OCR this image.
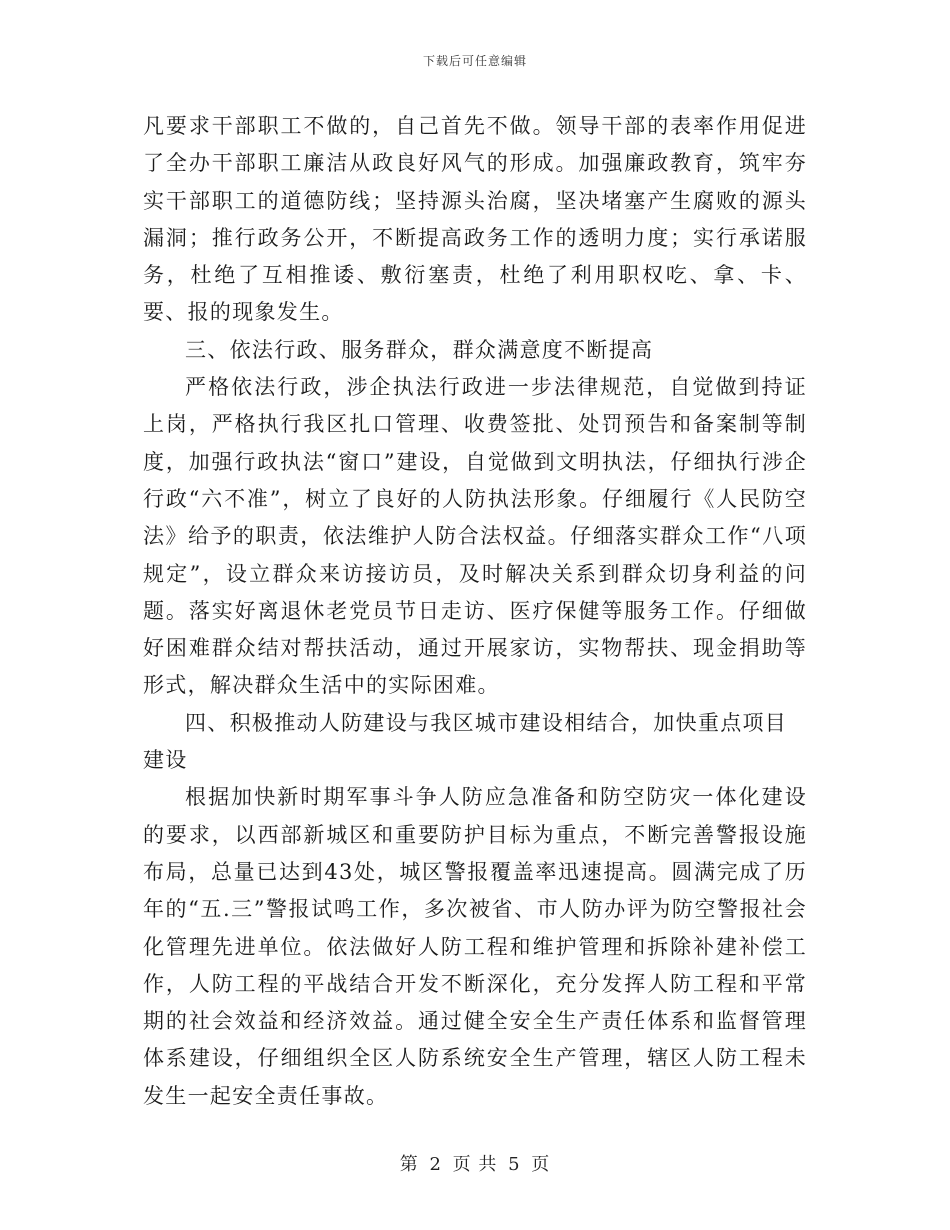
下载后可任意编辑

凡要求干部职工不做的，自己首先不做。领导干部的表率作用促进了全办干部职工廉洁从政良好风气的形成。加强廉政教育，筑牢夯实干部职工的道德防线；坚持源头治腐，坚决堵塞产生腐败的源头漏洞；推行政务公开，不断提高政务工作的透明力度；实行承诺服务，杜绝了互相推诿、敷衍塞责，杜绝了利用职权吃、拿、卡、要、报的现象发生。

三、依法行政、服务群众，群众满意度不断提高

严格依法行政，涉企执法行政进一步法律规范，自觉做到持证上岗，严格执行我区扎口管理、收费签批、处罚预告和备案制等制度，加强行政执法“窗口”建设，自觉做到文明执法，仔细执行涉企行政“六不准”，树立了良好的人防执法形象。仔细履行《人民防空法》给予的职责，依法维护人防合法权益。仔细落实群众工作“八项规定”，设立群众来访接访员，及时解决关系到群众切身利益的问题。落实好离退休老党员节日走访、医疗保健等服务工作。仔细做好困难群众结对帮扶活动，通过开展家访，实物帮扶、现金捐助等形式，解决群众生活中的实际困难。

四、积极推动人防建设与我区城市建设相结合，加快重点项目建设

根据加快新时期军事斗争人防应急准备和防空防灾一体化建设的要求，以西部新城区和重要防护目标为重点，不断完善警报设施布局，总量已达到43处，城区警报覆盖率迅速提高。圆满完成了历年的“五.三”警报试鸣工作，多次被省、市人防办评为防空警报社会化管理先进单位。依法做好人防工程和维护管理和拆除补建补偿工作，人防工程的平战结合开发不断深化，充分发挥人防工程和平常期的社会效益和经济效益。通过健全安全生产责任体系和监督管理体系建设，仔细组织全区人防系统安全生产管理，辖区人防工程未发生一起安全责任事故。

第 2 页 共 5 页
